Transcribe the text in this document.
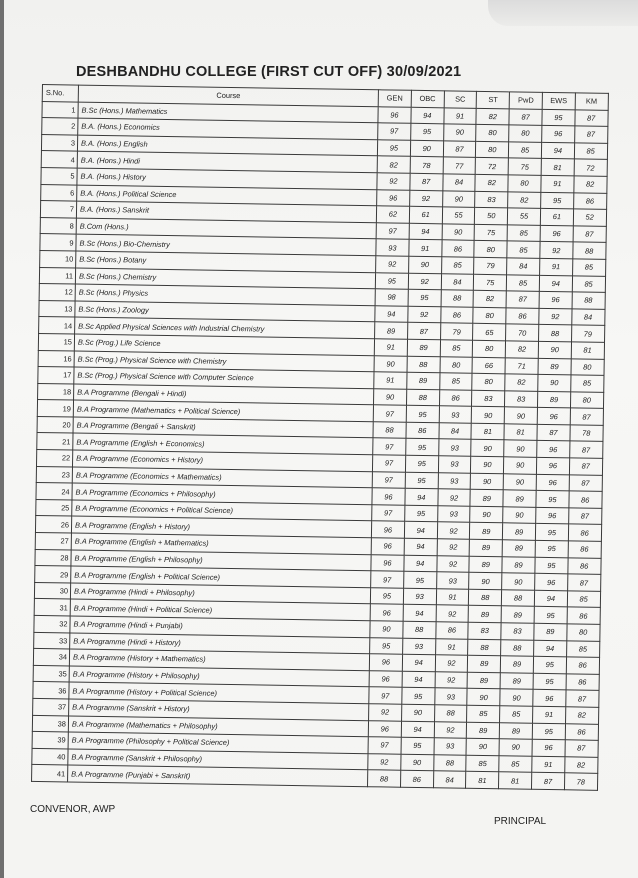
DESHBANDHU COLLEGE (FIRST CUT OFF) 30/09/2021
S.No.	Course	GEN	OBC	SC	ST	PwD	EWS	KM
1	B.Sc (Hons.) Mathematics	96	94	91	82	87	95	87
2	B.A. (Hons.) Economics	97	95	90	80	80	96	87
3	B.A. (Hons.) English	95	90	87	80	85	94	85
4	B.A. (Hons.) Hindi	82	78	77	72	75	81	72
5	B.A. (Hons.) History	92	87	84	82	80	91	82
6	B.A. (Hons.) Political Science	96	92	90	83	82	95	86
7	B.A. (Hons.) Sanskrit	62	61	55	50	55	61	52
8	B.Com (Hons.)	97	94	90	75	85	96	87
9	B.Sc (Hons.) Bio-Chemistry	93	91	86	80	85	92	88
10	B.Sc (Hons.) Botany	92	90	85	79	84	91	85
11	B.Sc (Hons.) Chemistry	95	92	84	75	85	94	85
12	B.Sc (Hons.) Physics	98	95	88	82	87	96	88
13	B.Sc (Hons.) Zoology	94	92	86	80	86	92	84
14	B.Sc Applied Physical Sciences with Industrial Chemistry	89	87	79	65	70	88	79
15	B.Sc (Prog.) Life Science	91	89	85	80	82	90	81
16	B.Sc (Prog.) Physical Science with Chemistry	90	88	80	66	71	89	80
17	B.Sc (Prog.) Physical Science with Computer Science	91	89	85	80	82	90	85
18	B.A Programme (Bengali + Hindi)	90	88	86	83	83	89	80
19	B.A Programme (Mathematics + Political Science)	97	95	93	90	90	96	87
20	B.A Programme (Bengali + Sanskrit)	88	86	84	81	81	87	78
21	B.A Programme (English + Economics)	97	95	93	90	90	96	87
22	B.A Programme (Economics + History)	97	95	93	90	90	96	87
23	B.A Programme (Economics + Mathematics)	97	95	93	90	90	96	87
24	B.A Programme (Economics + Philosophy)	96	94	92	89	89	95	86
25	B.A Programme (Economics + Political Science)	97	95	93	90	90	96	87
26	B.A Programme (English + History)	96	94	92	89	89	95	86
27	B.A Programme (English + Mathematics)	96	94	92	89	89	95	86
28	B.A Programme (English + Philosophy)	96	94	92	89	89	95	86
29	B.A Programme (English + Political Science)	97	95	93	90	90	96	87
30	B.A Programme (Hindi + Philosophy)	95	93	91	88	88	94	85
31	B.A Programme (Hindi + Political Science)	96	94	92	89	89	95	86
32	B.A Programme (Hindi + Punjabi)	90	88	86	83	83	89	80
33	B.A Programme (Hindi + History)	95	93	91	88	88	94	85
34	B.A Programme (History + Mathematics)	96	94	92	89	89	95	86
35	B.A Programme (History + Philosophy)	96	94	92	89	89	95	86
36	B.A Programme (History + Political Science)	97	95	93	90	90	96	87
37	B.A Programme (Sanskrit + History)	92	90	88	85	85	91	82
38	B.A Programme (Mathematics + Philosophy)	96	94	92	89	89	95	86
39	B.A Programme (Philosophy + Political Science)	97	95	93	90	90	96	87
40	B.A Programme (Sanskrit + Philosophy)	92	90	88	85	85	91	82
41	B.A Programme (Punjabi + Sanskrit)	88	86	84	81	81	87	78
CONVENOR, AWP
PRINCIPAL
